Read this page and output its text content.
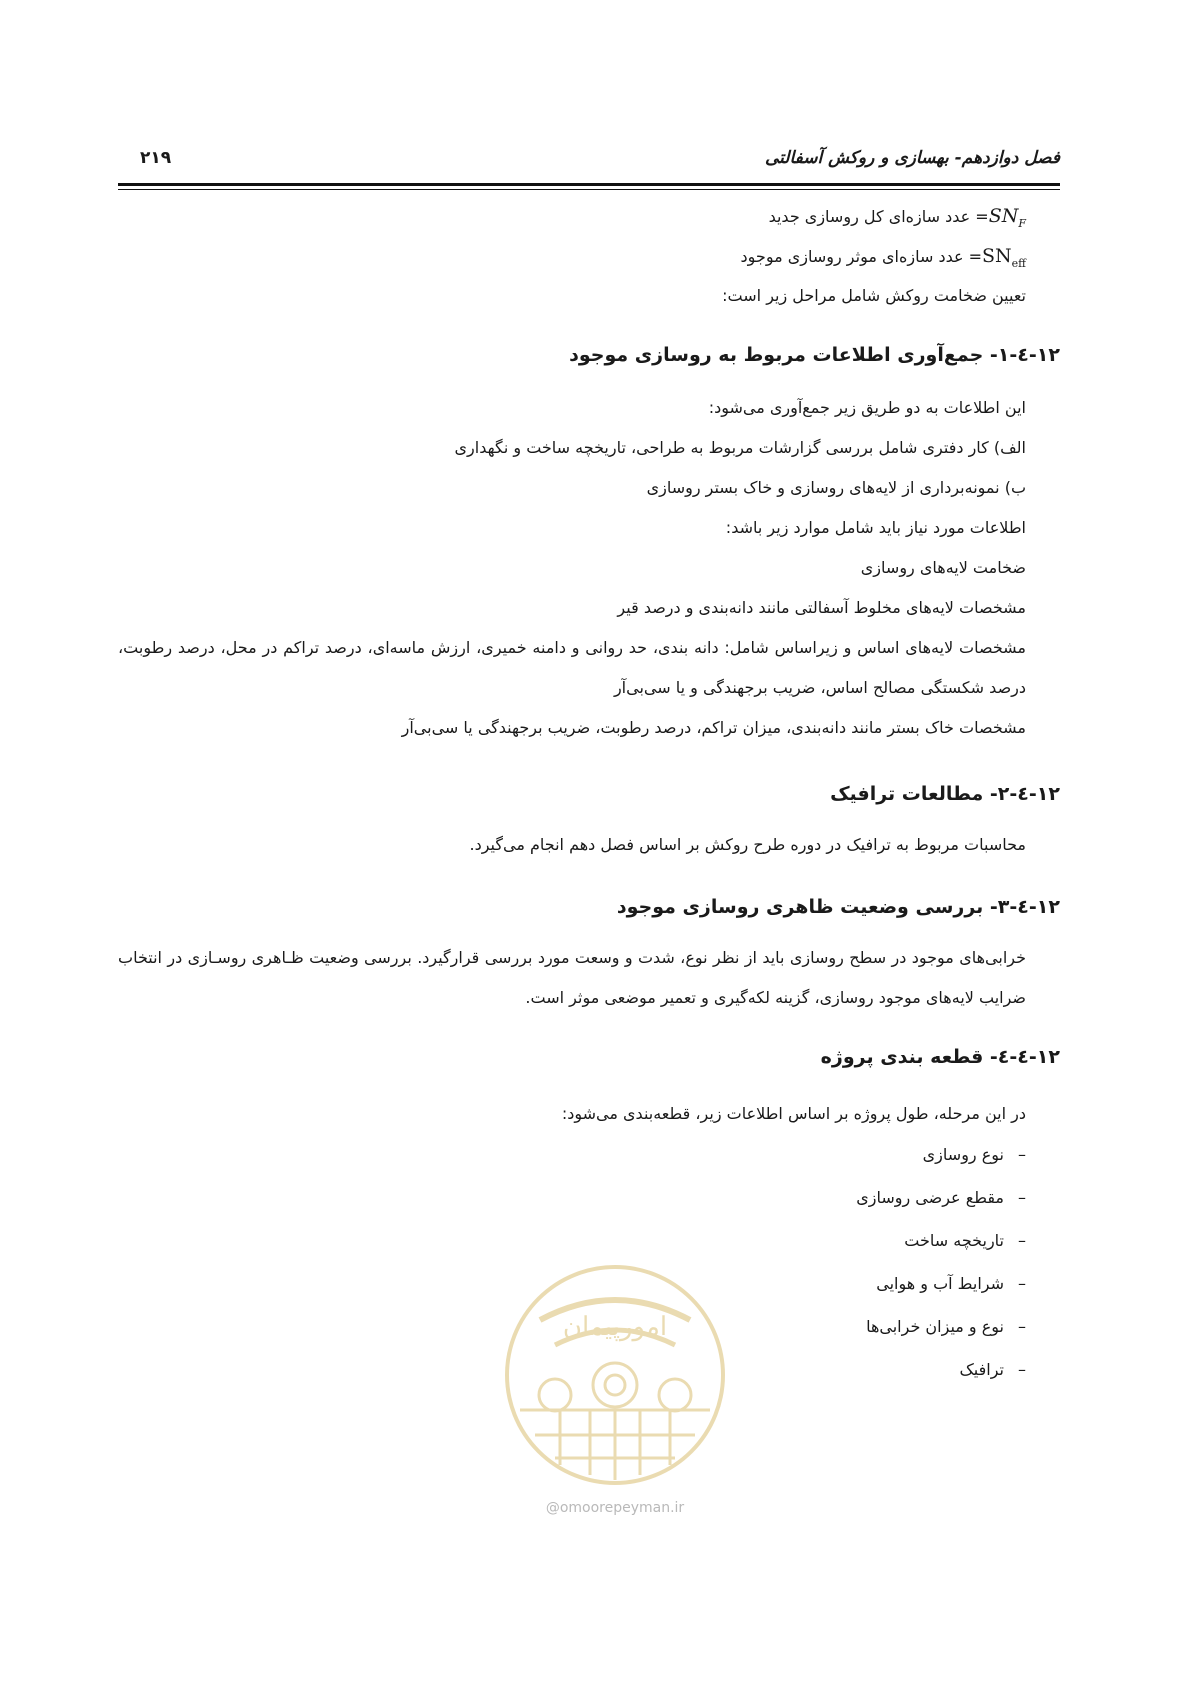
فصل دوازدهم- بهسازی و روکش آسفالتی
۲۱۹
$SN_F=$ عدد سازه‌ای کل روسازی جدید
$SN_{eff}=$ عدد سازه‌ای موثر روسازی موجود
تعیین ضخامت روکش شامل مراحل زیر است:
۱۲-٤-۱- جمع‌آوری اطلاعات مربوط به روسازی موجود
این اطلاعات به دو طریق زیر جمع‌آوری می‌شود:
الف) کار دفتری شامل بررسی گزارشات مربوط به طراحی، تاریخچه ساخت و نگهداری
ب) نمونه‌برداری از لایه‌های روسازی و خاک بستر روسازی
اطلاعات مورد نیاز باید شامل موارد زیر باشد:
ضخامت لایه‌های روسازی
مشخصات لایه‌های مخلوط آسفالتی مانند دانه‌بندی و درصد قیر
مشخصات لایه‌های اساس و زیراساس شامل: دانه بندی، حد روانی و دامنه خمیری، ارزش ماسه‌ای، درصد تراکم در محل، درصد رطوبت، درصد شکستگی مصالح اساس، ضریب برجهندگی و یا سی‌بی‌آر
مشخصات خاک بستر مانند دانه‌بندی، میزان تراکم، درصد رطوبت، ضریب برجهندگی یا سی‌بی‌آر
۱۲-٤-۲- مطالعات ترافیک
محاسبات مربوط به ترافیک در دوره طرح روکش بر اساس فصل دهم انجام می‌گیرد.
۱۲-٤-۳- بررسی وضعیت ظاهری روسازی موجود
خرابی‌های موجود در سطح روسازی باید از نظر نوع، شدت و وسعت مورد بررسی قرارگیرد. بررسی وضعیت ظـاهری روسـازی در انتخاب ضرایب لایه‌های موجود روسازی، گزینه لکه‌گیری و تعمیر موضعی موثر است.
۱۲-٤-٤- قطعه بندی پروژه
در این مرحله، طول پروژه بر اساس اطلاعات زیر، قطعه‌بندی می‌شود:
–نوع روسازی
–مقطع عرضی روسازی
–تاریخچه ساخت
–شرایط آب و هوایی
–نوع و میزان خرابی‌ها
–ترافیک
امورپیمان
@omoorepeyman.ir
